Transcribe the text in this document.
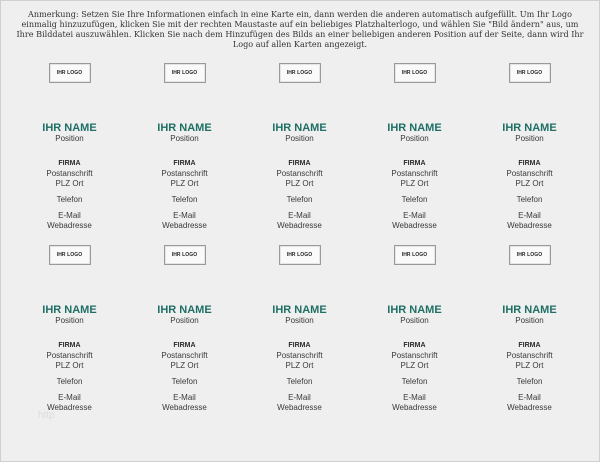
Anmerkung: Setzen Sie Ihre Informationen einfach in eine Karte ein, dann werden die anderen automatisch aufgefüllt. Um Ihr Logo einmalig hinzuzufügen, klicken Sie mit der rechten Maustaste auf ein beliebiges Platzhalterlogo, und wählen Sie "Bild ändern" aus, um Ihre Bilddatei auszuwählen. Klicken Sie nach dem Hinzufügen des Bilds an einer beliebigen anderen Position auf der Seite, dann wird Ihr Logo auf allen Karten angezeigt.
IHR LOGO
IHR NAME
Position
FIRMA
Postanschrift
PLZ Ort
Telefon
E-Mail
Webadresse
IHR LOGO
IHR NAME
Position
FIRMA
Postanschrift
PLZ Ort
Telefon
E-Mail
Webadresse
IHR LOGO
IHR NAME
Position
FIRMA
Postanschrift
PLZ Ort
Telefon
E-Mail
Webadresse
IHR LOGO
IHR NAME
Position
FIRMA
Postanschrift
PLZ Ort
Telefon
E-Mail
Webadresse
IHR LOGO
IHR NAME
Position
FIRMA
Postanschrift
PLZ Ort
Telefon
E-Mail
Webadresse
IHR LOGO
IHR NAME
Position
FIRMA
Postanschrift
PLZ Ort
Telefon
E-Mail
Webadresse
IHR LOGO
IHR NAME
Position
FIRMA
Postanschrift
PLZ Ort
Telefon
E-Mail
Webadresse
IHR LOGO
IHR NAME
Position
FIRMA
Postanschrift
PLZ Ort
Telefon
E-Mail
Webadresse
IHR LOGO
IHR NAME
Position
FIRMA
Postanschrift
PLZ Ort
Telefon
E-Mail
Webadresse
IHR LOGO
IHR NAME
Position
FIRMA
Postanschrift
PLZ Ort
Telefon
E-Mail
Webadresse
http
